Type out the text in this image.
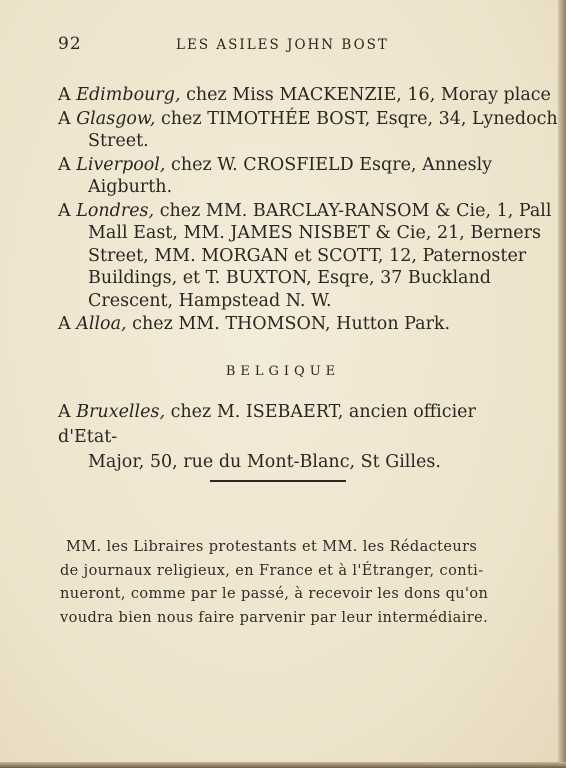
92	LES ASILES JOHN BOST
A Edimbourg, chez Miss MACKENZIE, 16, Moray place
A Glasgow, chez TIMOTHÉE BOST, Esqre, 34, Lynedoch
Street.
A Liverpool, chez W. CROSFIELD Esqre, Annesly
Aigburth.
A Londres, chez MM. BARCLAY-RANSOM & Cie, 1, Pall
Mall East, MM. JAMES NISBET & Cie, 21, Berners
Street, MM. MORGAN et SCOTT, 12, Paternoster
Buildings, et T. BUXTON, Esqre, 37 Buckland
Crescent, Hampstead N. W.
A Alloa, chez MM. THOMSON, Hutton Park.
BELGIQUE
A Bruxelles, chez M. ISEBAERT, ancien officier d'Etat-
Major, 50, rue du Mont-Blanc, St Gilles.
MM. les Libraires protestants et MM. les Rédacteurs
de journaux religieux, en France et à l'Étranger, conti-
nueront, comme par le passé, à recevoir les dons qu'on
voudra bien nous faire parvenir par leur intermédiaire.
